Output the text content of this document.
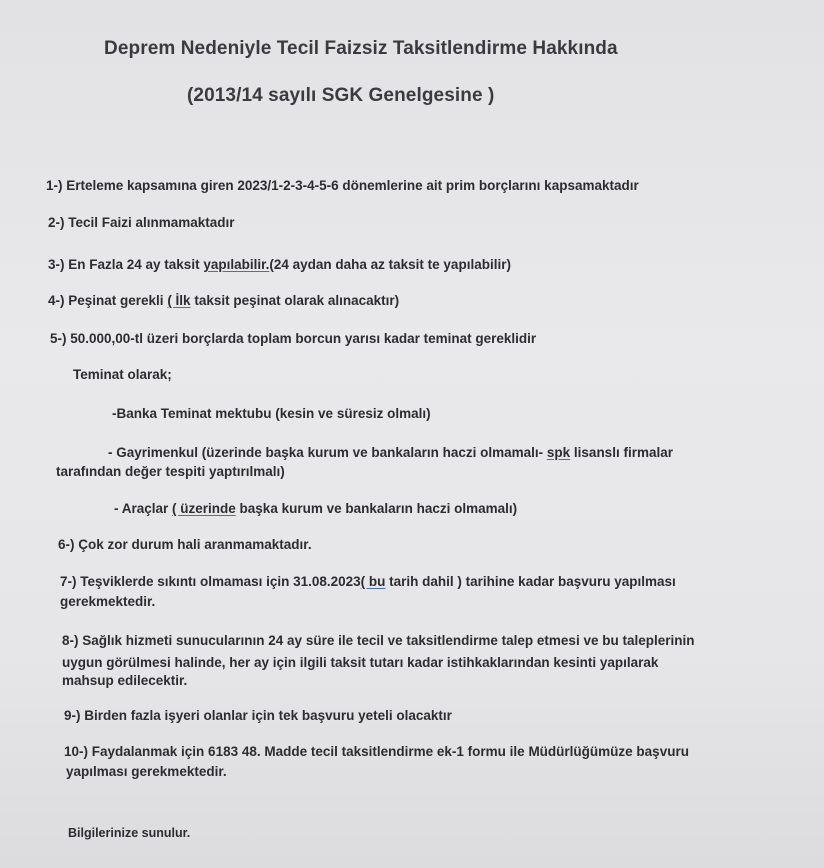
Deprem Nedeniyle Tecil Faizsiz Taksitlendirme Hakkında
(2013/14 sayılı SGK Genelgesine )
1-) Erteleme kapsamına giren 2023/1-2-3-4-5-6 dönemlerine ait prim borçlarını kapsamaktadır
2-) Tecil Faizi alınmamaktadır
3-) En Fazla 24 ay taksit yapılabilir.(24 aydan daha az taksit te yapılabilir)
4-) Peşinat gerekli ( İlk taksit peşinat olarak alınacaktır)
5-) 50.000,00-tl üzeri borçlarda toplam borcun yarısı kadar teminat gereklidir
Teminat olarak;
-Banka Teminat mektubu (kesin ve süresiz olmalı)
- Gayrimenkul (üzerinde başka kurum ve bankaların haczi olmamalı- spk lisanslı firmalar
tarafından değer tespiti yaptırılmalı)
- Araçlar ( üzerinde başka kurum ve bankaların haczi olmamalı)
6-) Çok zor durum hali aranmamaktadır.
7-) Teşviklerde sıkıntı olmaması için 31.08.2023( bu tarih dahil ) tarihine kadar başvuru yapılması
gerekmektedir.
8-) Sağlık hizmeti sunucularının 24 ay süre ile tecil ve taksitlendirme talep etmesi ve bu taleplerinin
uygun görülmesi halinde, her ay için ilgili taksit tutarı kadar istihkaklarından kesinti yapılarak
mahsup edilecektir.
9-) Birden fazla işyeri olanlar için tek başvuru yeteli olacaktır
10-) Faydalanmak için 6183 48. Madde tecil taksitlendirme ek-1 formu ile Müdürlüğümüze başvuru
yapılması gerekmektedir.
Bilgilerinize sunulur.
